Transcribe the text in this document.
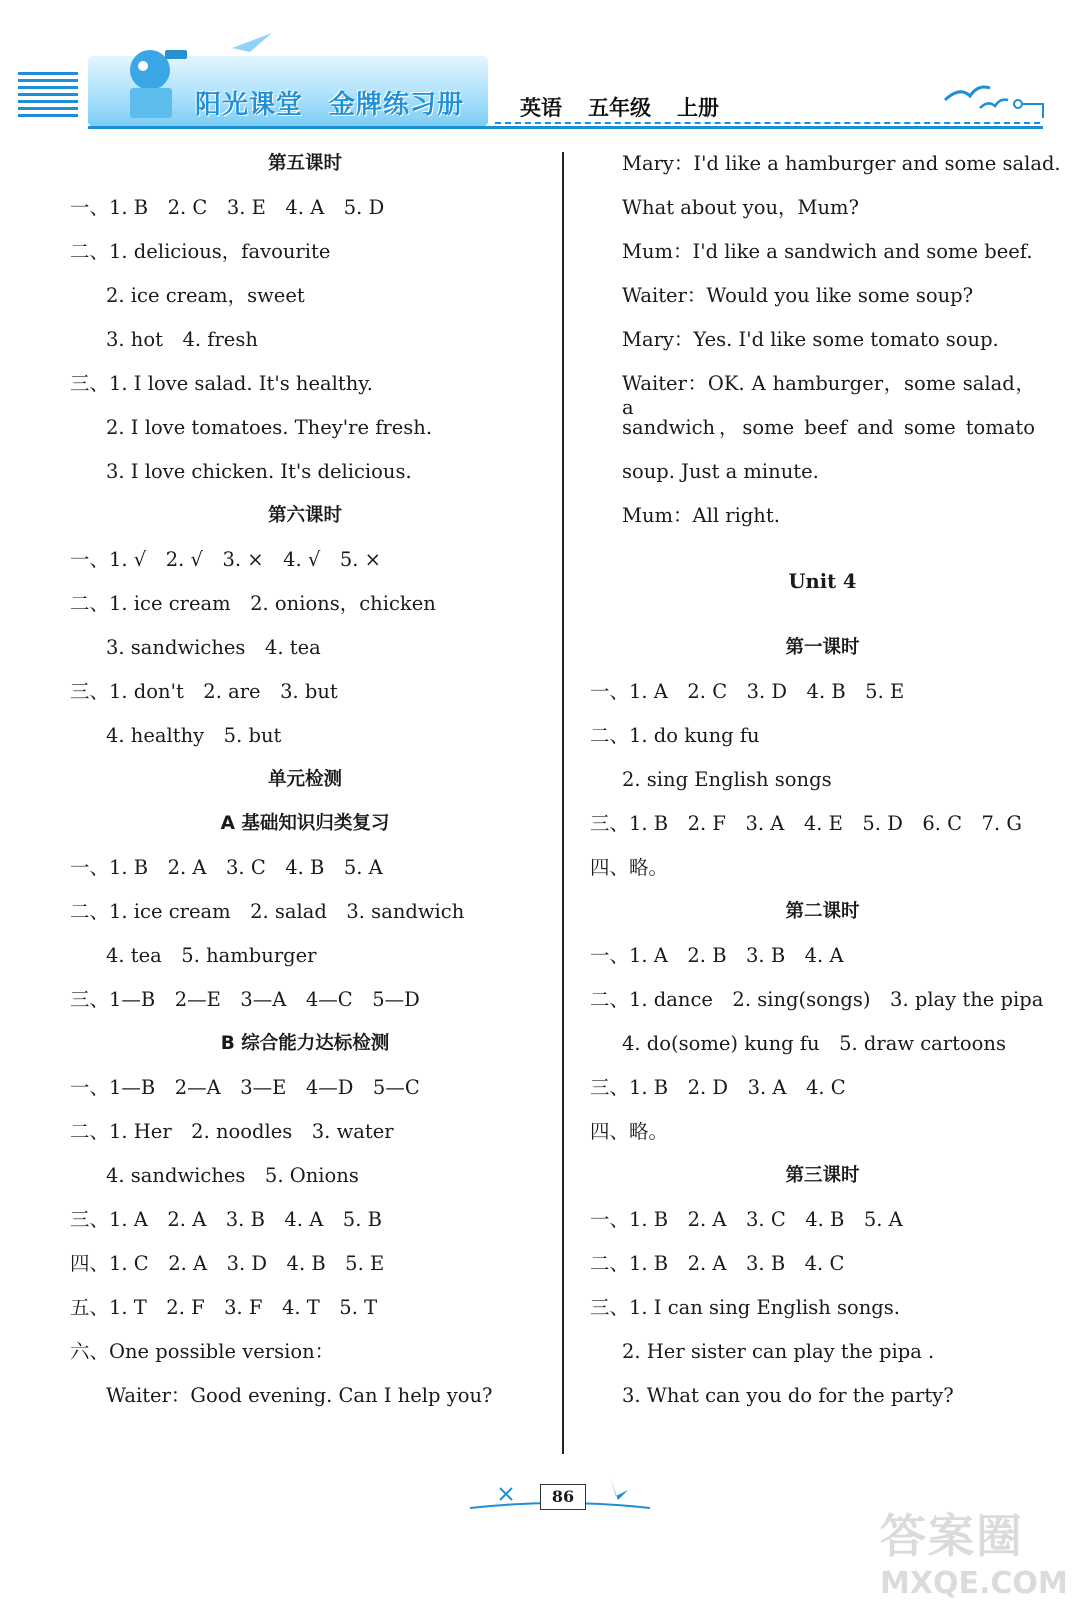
阳光课堂 金牌练习册	英语 五年级 上册
第五课时
一、1. B　2. C　3. E　4. A　5. D
二、1. delicious，favourite
2. ice cream，sweet
3. hot　4. fresh
三、1. I love salad. It's healthy.
2. I love tomatoes. They're fresh.
3. I love chicken. It's delicious.
第六课时
一、1. √　2. √　3. ×　4. √　5. ×
二、1. ice cream　2. onions，chicken
3. sandwiches　4. tea
三、1. don't　2. are　3. but
4. healthy　5. but
单元检测
A 基础知识归类复习
一、1. B　2. A　3. C　4. B　5. A
二、1. ice cream　2. salad　3. sandwich
4. tea　5. hamburger
三、1—B　2—E　3—A　4—C　5—D
B 综合能力达标检测
一、1—B　2—A　3—E　4—D　5—C
二、1. Her　2. noodles　3. water
4. sandwiches　5. Onions
三、1. A　2. A　3. B　4. A　5. B
四、1. C　2. A　3. D　4. B　5. E
五、1. T　2. F　3. F　4. T　5. T
六、One possible version：
Waiter：Good evening. Can I help you?
Mary：I'd like a hamburger and some salad.
What about you，Mum?
Mum：I'd like a sandwich and some beef.
Waiter：Would you like some soup?
Mary：Yes. I'd like some tomato soup.
Waiter：OK. A hamburger，some salad，a
sandwich，some beef and some tomato
soup. Just a minute.
Mum：All right.
Unit 4
第一课时
一、1. A　2. C　3. D　4. B　5. E
二、1. do kung fu
2. sing English songs
三、1. B　2. F　3. A　4. E　5. D　6. C　7. G
四、略。
第二课时
一、1. A　2. B　3. B　4. A
二、1. dance　2. sing(songs)　3. play the pipa
4. do(some) kung fu　5. draw cartoons
三、1. B　2. D　3. A　4. C
四、略。
第三课时
一、1. B　2. A　3. C　4. B　5. A
二、1. B　2. A　3. B　4. C
三、1. I can sing English songs.
2. Her sister can play the pipa .
3. What can you do for the party?
86
答案圈
MXQE.COM
